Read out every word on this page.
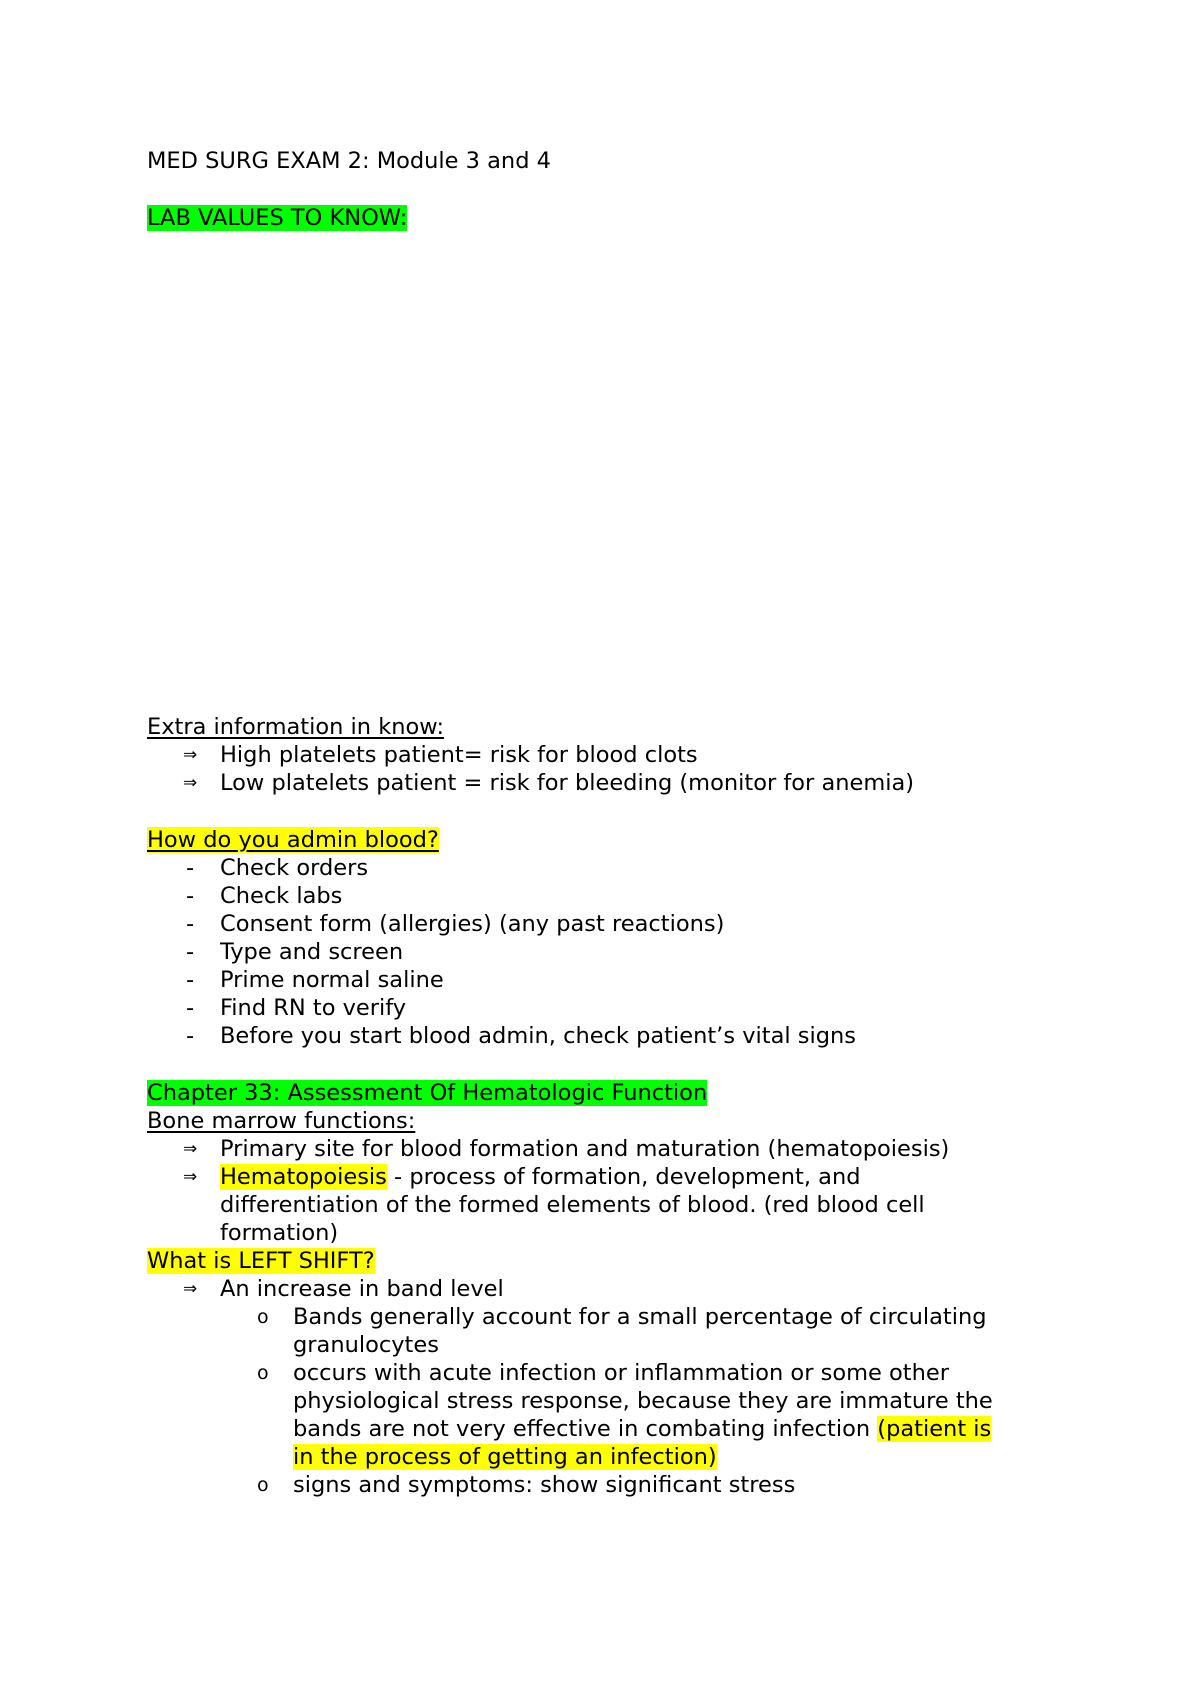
MED SURG EXAM 2: Module 3 and 4
LAB VALUES TO KNOW:
Extra information in know:
⇒ High platelets patient= risk for blood clots
⇒ Low platelets patient = risk for bleeding (monitor for anemia)
How do you admin blood?
- Check orders
- Check labs
- Consent form (allergies) (any past reactions)
- Type and screen
- Prime normal saline
- Find RN to verify
- Before you start blood admin, check patient’s vital signs
Chapter 33: Assessment Of Hematologic Function
Bone marrow functions:
⇒ Primary site for blood formation and maturation (hematopoiesis)
⇒ Hematopoiesis - process of formation, development, and
differentiation of the formed elements of blood. (red blood cell
formation)
What is LEFT SHIFT?
⇒ An increase in band level
o Bands generally account for a small percentage of circulating
granulocytes
o occurs with acute infection or inflammation or some other
physiological stress response, because they are immature the
bands are not very effective in combating infection (patient is
in the process of getting an infection)
o signs and symptoms: show significant stress
